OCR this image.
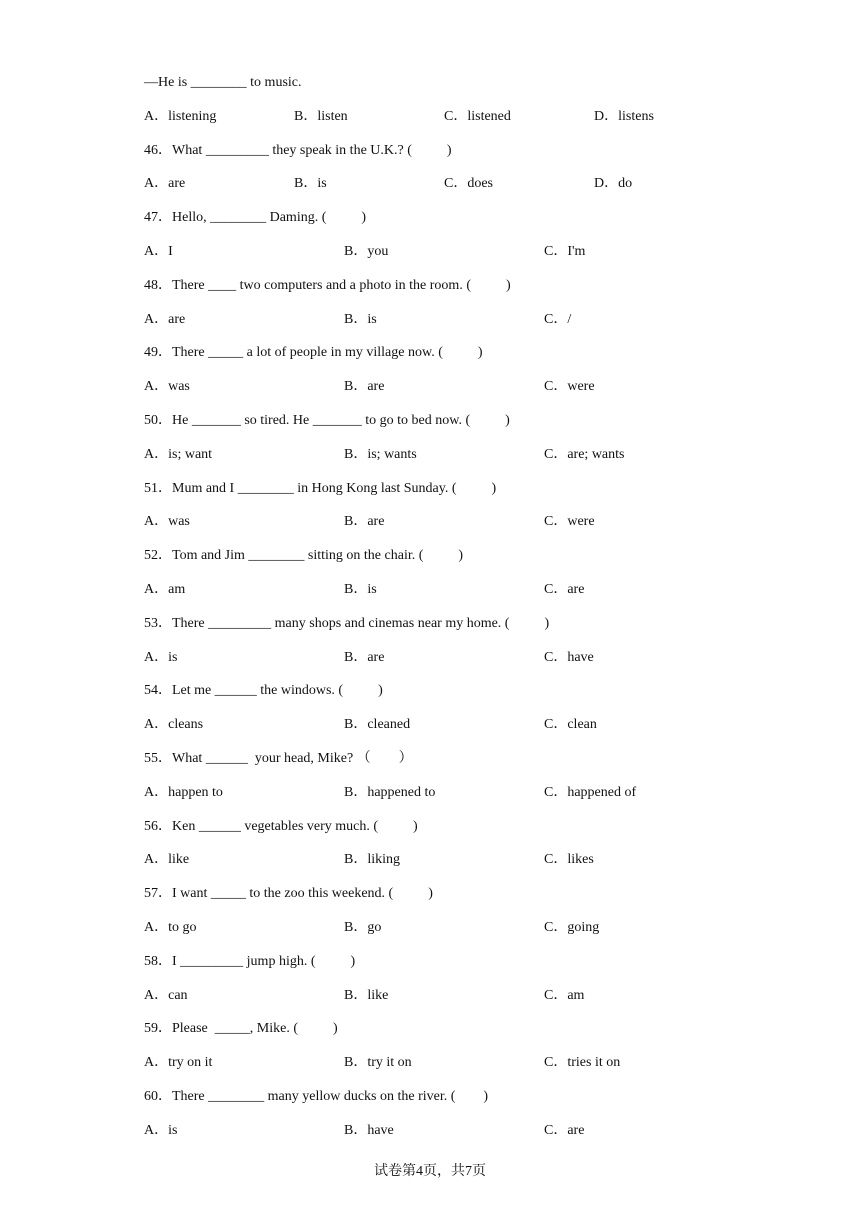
—He is ________ to music.
A．listening	B．listen	C．listened	D．listens
46．What _________ they speak in the U.K.? (          )
A．are	B．is	C．does	D．do
47．Hello, ________ Daming. (          )
A．I	B．you	C．I'm
48．There ____ two computers and a photo in the room. (          )
A．are	B．is	C．/
49．There _____ a lot of people in my village now. (          )
A．was	B．are	C．were
50．He _______ so tired. He _______ to go to bed now. (          )
A．is; want	B．is; wants	C．are; wants
51．Mum and I ________ in Hong Kong last Sunday. (          )
A．was	B．are	C．were
52．Tom and Jim ________ sitting on the chair. (          )
A．am	B．is	C．are
53．There _________ many shops and cinemas near my home. (          )
A．is	B．are	C．have
54．Let me ______ the windows. (          )
A．cleans	B．cleaned	C．clean
55．What ______  your head, Mike? （        ）
A．happen to	B．happened to	C．happened of
56．Ken ______ vegetables very much. (          )
A．like	B．liking	C．likes
57．I want _____ to the zoo this weekend. (          )
A．to go	B．go	C．going
58．I _________ jump high. (          )
A．can	B．like	C．am
59．Please  _____, Mike. (          )
A．try on it	B．try it on	C．tries it on
60．There ________ many yellow ducks on the river. (        )
A．is	B．have	C．are
试卷第4页，共7页
